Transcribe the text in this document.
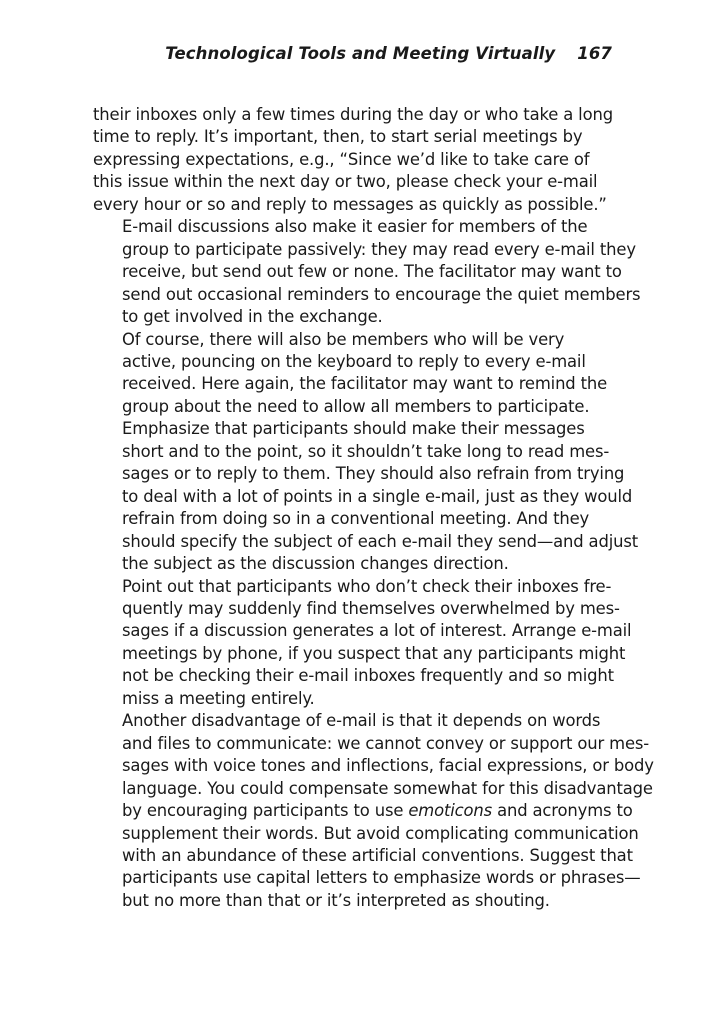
Technological Tools and Meeting Virtually 167

their inboxes only a few times during the day or who take a long
time to reply. It’s important, then, to start serial meetings by
expressing expectations, e.g., “Since we’d like to take care of
this issue within the next day or two, please check your e-mail
every hour or so and reply to messages as quickly as possible.”

E-mail discussions also make it easier for members of the
group to participate passively: they may read every e-mail they
receive, but send out few or none. The facilitator may want to
send out occasional reminders to encourage the quiet members
to get involved in the exchange.

Of course, there will also be members who will be very
active, pouncing on the keyboard to reply to every e-mail
received. Here again, the facilitator may want to remind the
group about the need to allow all members to participate.

Emphasize that participants should make their messages
short and to the point, so it shouldn’t take long to read mes-
sages or to reply to them. They should also refrain from trying
to deal with a lot of points in a single e-mail, just as they would
refrain from doing so in a conventional meeting. And they
should specify the subject of each e-mail they send—and adjust
the subject as the discussion changes direction.

Point out that participants who don’t check their inboxes fre-
quently may suddenly find themselves overwhelmed by mes-
sages if a discussion generates a lot of interest. Arrange e-mail
meetings by phone, if you suspect that any participants might
not be checking their e-mail inboxes frequently and so might
miss a meeting entirely.

Another disadvantage of e-mail is that it depends on words
and files to communicate: we cannot convey or support our mes-
sages with voice tones and inflections, facial expressions, or body
language. You could compensate somewhat for this disadvantage
by encouraging participants to use emoticons and acronyms to
supplement their words. But avoid complicating communication
with an abundance of these artificial conventions. Suggest that
participants use capital letters to emphasize words or phrases—
but no more than that or it’s interpreted as shouting.
